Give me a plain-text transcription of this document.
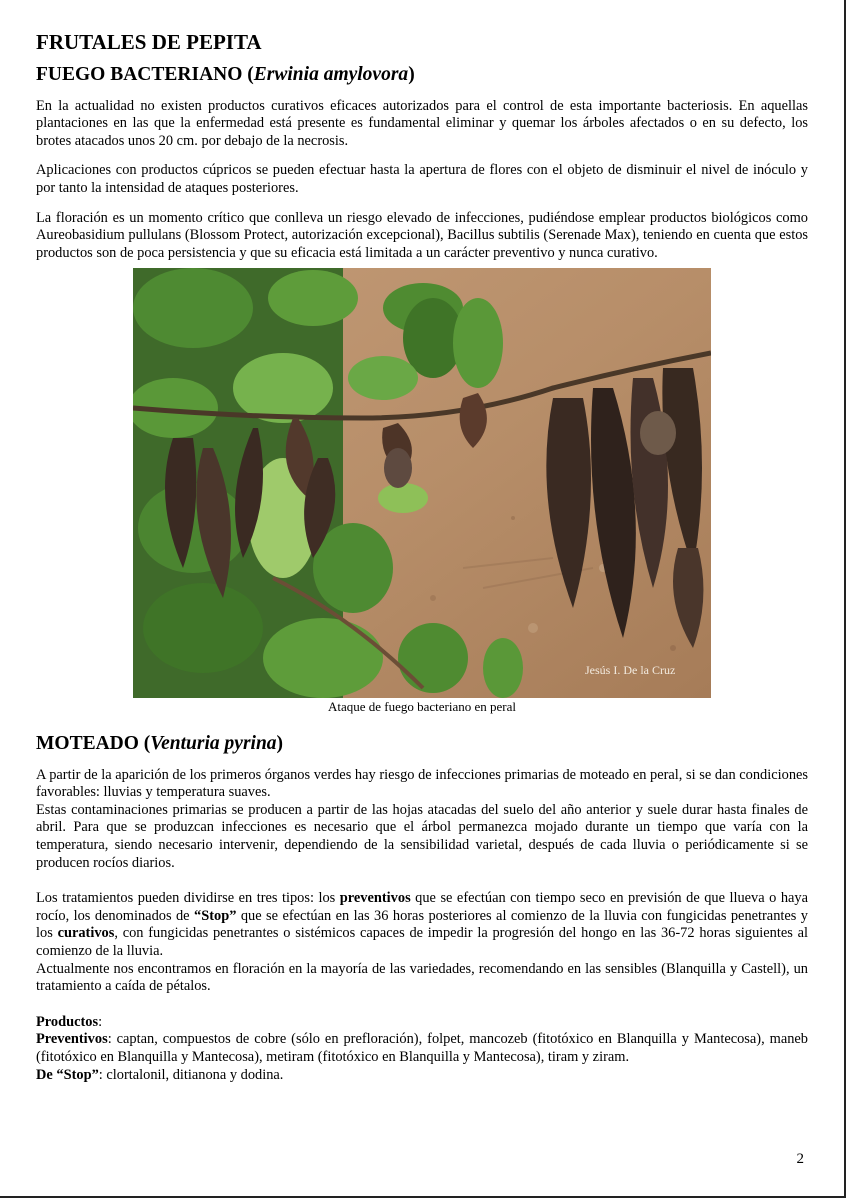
FRUTALES DE PEPITA
FUEGO BACTERIANO (Erwinia amylovora)

En la actualidad no existen productos curativos eficaces autorizados para el control de esta importante bacteriosis. En aquellas plantaciones en las que la enfermedad está presente es fundamental eliminar y quemar los árboles afectados o en su defecto, los brotes atacados unos 20 cm. por debajo de la necrosis.

Aplicaciones con productos cúpricos se pueden efectuar hasta la apertura de flores con el objeto de disminuir el nivel de inóculo y por tanto la intensidad de ataques posteriores.

La floración es un momento crítico que conlleva un riesgo elevado de infecciones, pudiéndose emplear productos biológicos como Aureobasidium pullulans (Blossom Protect, autorización excepcional), Bacillus subtilis (Serenade Max), teniendo en cuenta que estos productos son de poca persistencia y que su eficacia está limitada a un carácter preventivo y nunca curativo.

Jesús I. De la Cruz
Ataque de fuego bacteriano en peral
MOTEADO (Venturia pyrina)

A partir de la aparición de los primeros órganos verdes hay riesgo de infecciones primarias de moteado en peral, si se dan condiciones favorables: lluvias y temperatura suaves.

Estas contaminaciones primarias se producen a partir de las hojas atacadas del suelo del año anterior y suele durar hasta finales de abril. Para que se produzcan infecciones es necesario que el árbol permanezca mojado durante un tiempo que varía con la temperatura, siendo necesario intervenir, dependiendo de la sensibilidad varietal, después de cada lluvia o periódicamente si se producen rocíos diarios.

Los tratamientos pueden dividirse en tres tipos: los preventivos que se efectúan con tiempo seco en previsión de que llueva o haya rocío, los denominados de “Stop” que se efectúan en las 36 horas posteriores al comienzo de la lluvia con fungicidas penetrantes y los curativos, con fungicidas penetrantes o sistémicos capaces de impedir la progresión del hongo en las 36-72 horas siguientes al comienzo de la lluvia.

Actualmente nos encontramos en floración en la mayoría de las variedades, recomendando en las sensibles (Blanquilla y Castell), un tratamiento a caída de pétalos.

Productos:

Preventivos: captan, compuestos de cobre (sólo en prefloración), folpet, mancozeb (fitotóxico en Blanquilla y Mantecosa), maneb (fitotóxico en Blanquilla y Mantecosa), metiram (fitotóxico en Blanquilla y Mantecosa), tiram y ziram.

De “Stop”: clortalonil, ditianona y dodina.

2
